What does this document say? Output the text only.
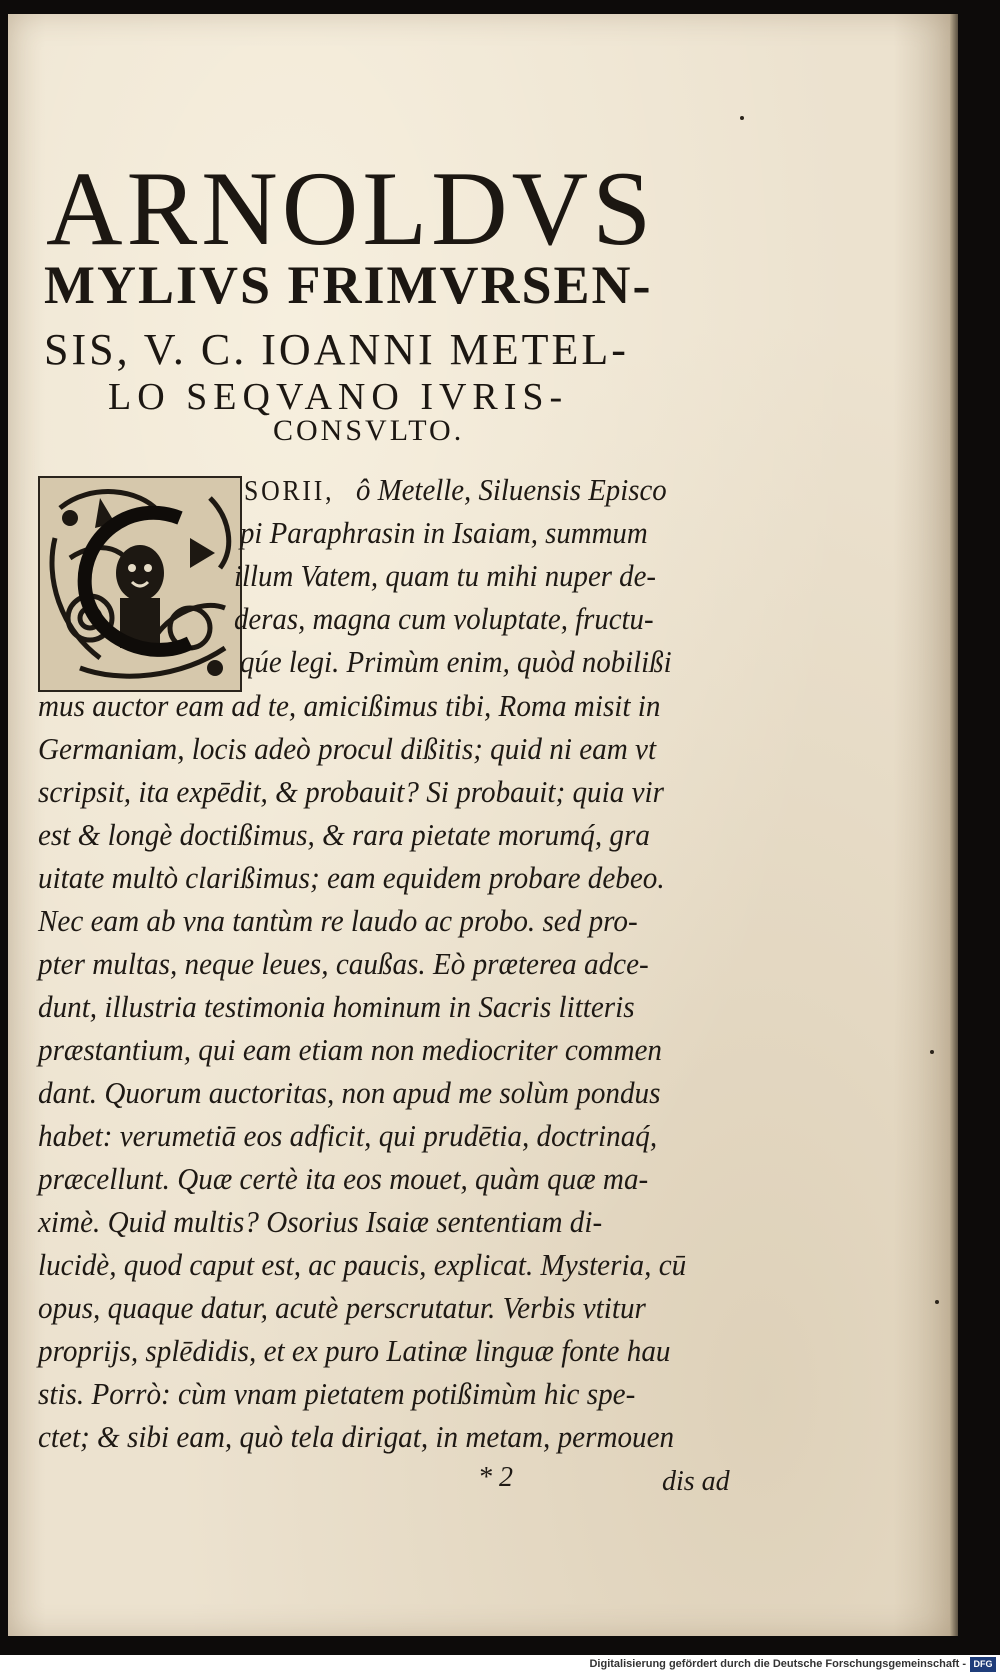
ARNOLDVS
MYLIVS FRIMVRSEN-
SIS, V. C. IOANNI METEL-
LO SEQVANO IVRIS-
CONSVLTO.
SORII, ô Metelle, Siluensis Episco
pi Paraphrasin in Isaiam, summum
illum Vatem, quam tu mihi nuper de-
deras, magna cum voluptate, fructu-
qúe legi. Primùm enim, quòd nobilißi
mus auctor eam ad te, amicißimus tibi, Roma misit in
Germaniam, locis adeò procul dißitis; quid ni eam vt
scripsit, ita expēdit, & probauit? Si probauit; quia vir
est & longè doctißimus, & rara pietate morumq́, gra
uitate multò clarißimus; eam equidem probare debeo.
Nec eam ab vna tantùm re laudo ac probo. sed pro-
pter multas, neque leues, caußas. Eò præterea adce-
dunt, illustria testimonia hominum in Sacris litteris
præstantium, qui eam etiam non mediocriter commen
dant. Quorum auctoritas, non apud me solùm pondus
habet: verumetiā eos adficit, qui prudētia, doctrinaq́,
præcellunt. Quæ certè ita eos mouet, quàm quæ ma-
ximè. Quid multis? Osorius Isaiæ sententiam di-
lucidè, quod caput est, ac paucis, explicat. Mysteria, cū
opus, quaque datur, acutè perscrutatur. Verbis vtitur
proprijs, splēdidis, et ex puro Latinæ linguæ fonte hau
stis. Porrò: cùm vnam pietatem potißimùm hic spe-
ctet; & sibi eam, quò tela dirigat, in metam, permouen
* 2	dis ad
Digitalisierung gefördert durch die Deutsche Forschungsgemeinschaft - DFG
